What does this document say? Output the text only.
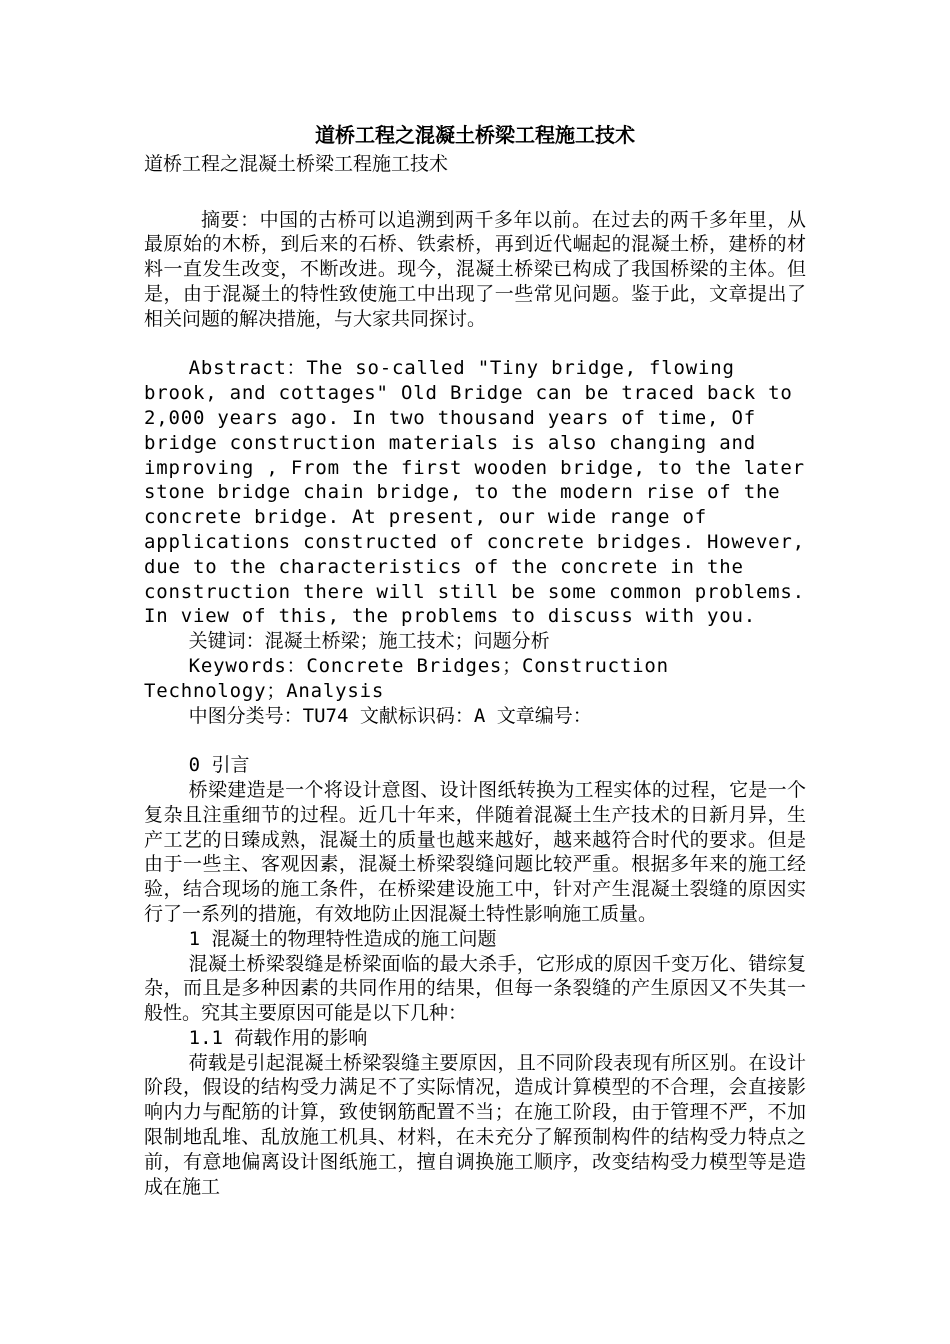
道桥工程之混凝土桥梁工程施工技术
道桥工程之混凝土桥梁工程施工技术
摘要：中国的古桥可以追溯到两千多年以前。在过去的两千多年里，从最原始的木桥，到后来的石桥、铁索桥，再到近代崛起的混凝土桥，建桥的材料一直发生改变，不断改进。现今，混凝土桥梁已构成了我国桥梁的主体。但是，由于混凝土的特性致使施工中出现了一些常见问题。鉴于此，文章提出了相关问题的解决措施，与大家共同探讨。
Abstract：The so-called "Tiny bridge, flowing brook, and cottages" Old Bridge can be traced back to 2,000 years ago. In two thousand years of time, Of bridge construction materials is also changing and improving , From the first wooden bridge, to the later stone bridge chain bridge, to the modern rise of the concrete bridge. At present, our wide range of applications constructed of concrete bridges. However, due to the characteristics of the concrete in the construction there will still be some common problems. In view of this, the problems to discuss with you.
关键词：混凝土桥梁；施工技术；问题分析
Keywords：Concrete Bridges；Construction Technology；Analysis
中图分类号：TU74 文献标识码：A 文章编号：
0 引言
桥梁建造是一个将设计意图、设计图纸转换为工程实体的过程，它是一个复杂且注重细节的过程。近几十年来，伴随着混凝土生产技术的日新月异，生产工艺的日臻成熟，混凝土的质量也越来越好，越来越符合时代的要求。但是由于一些主、客观因素，混凝土桥梁裂缝问题比较严重。根据多年来的施工经验，结合现场的施工条件，在桥梁建设施工中，针对产生混凝土裂缝的原因实行了一系列的措施，有效地防止因混凝土特性影响施工质量。
1 混凝土的物理特性造成的施工问题
混凝土桥梁裂缝是桥梁面临的最大杀手，它形成的原因千变万化、错综复杂，而且是多种因素的共同作用的结果，但每一条裂缝的产生原因又不失其一般性。究其主要原因可能是以下几种：
1.1 荷载作用的影响
荷载是引起混凝土桥梁裂缝主要原因，且不同阶段表现有所区别。在设计阶段，假设的结构受力满足不了实际情况，造成计算模型的不合理，会直接影响内力与配筋的计算，致使钢筋配置不当；在施工阶段，由于管理不严，不加限制地乱堆、乱放施工机具、材料，在未充分了解预制构件的结构受力特点之前，有意地偏离设计图纸施工，擅自调换施工顺序，改变结构受力模型等是造成在施工
